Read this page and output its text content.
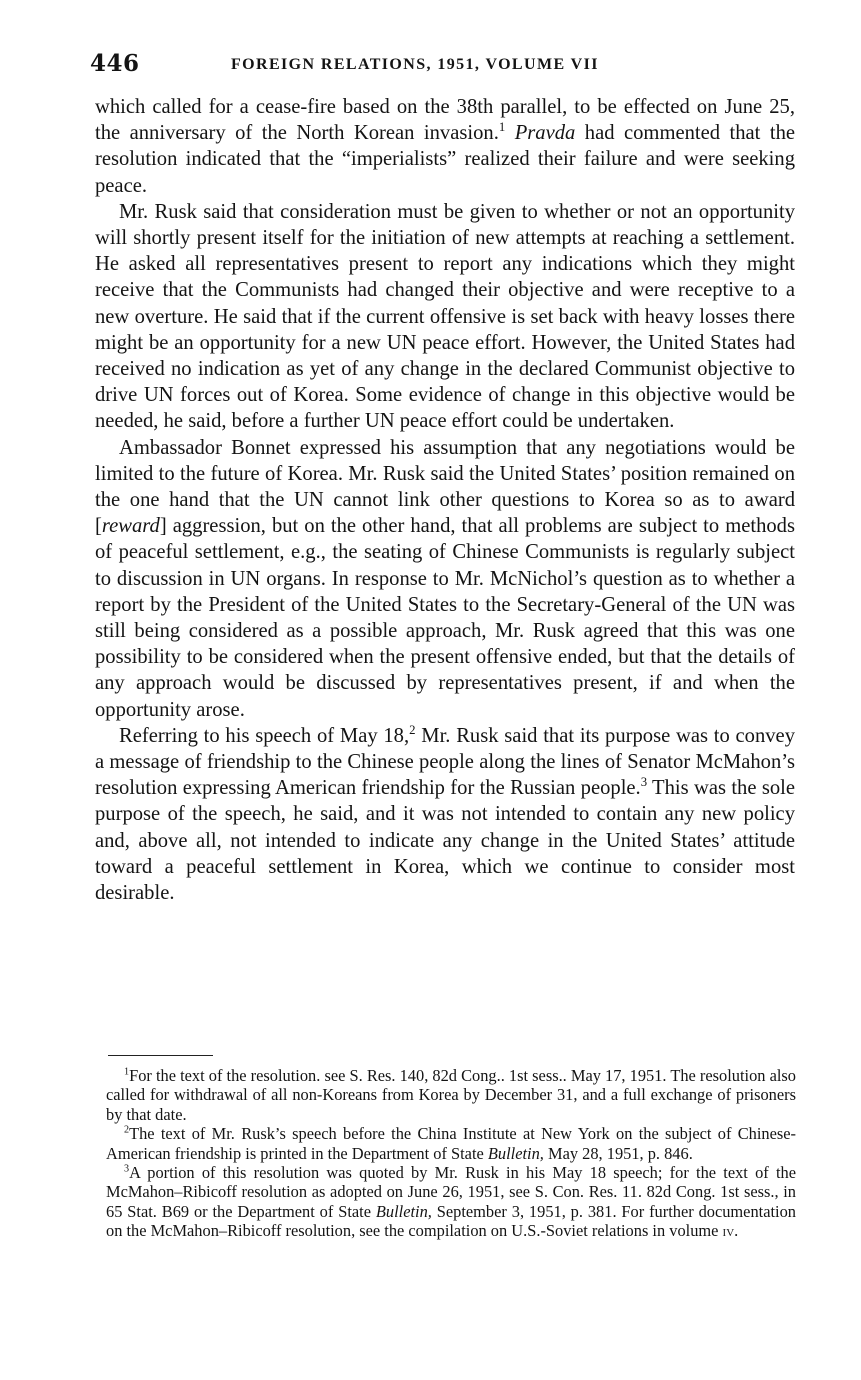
446	FOREIGN RELATIONS, 1951, VOLUME VII

which called for a cease-fire based on the 38th parallel, to be effected on June 25, the anniversary of the North Korean invasion.$^1$ Pravda had commented that the resolution indicated that the “imperialists” realized their failure and were seeking peace.

Mr. Rusk said that consideration must be given to whether or not an opportunity will shortly present itself for the initiation of new attempts at reaching a settlement. He asked all representatives present to report any indications which they might receive that the Communists had changed their objective and were receptive to a new overture. He said that if the current offensive is set back with heavy losses there might be an opportunity for a new UN peace effort. However, the United States had received no indication as yet of any change in the declared Communist objective to drive UN forces out of Korea. Some evidence of change in this objective would be needed, he said, before a further UN peace effort could be undertaken.

Ambassador Bonnet expressed his assumption that any negotiations would be limited to the future of Korea. Mr. Rusk said the United States’ position remained on the one hand that the UN cannot link other questions to Korea so as to award [reward] aggression, but on the other hand, that all problems are subject to methods of peaceful settlement, e.g., the seating of Chinese Communists is regularly subject to discussion in UN organs. In response to Mr. McNichol’s question as to whether a report by the President of the United States to the Secretary-General of the UN was still being considered as a possible approach, Mr. Rusk agreed that this was one possibility to be considered when the present offensive ended, but that the details of any approach would be discussed by representatives present, if and when the opportunity arose.

Referring to his speech of May 18,$^2$ Mr. Rusk said that its purpose was to convey a message of friendship to the Chinese people along the lines of Senator McMahon’s resolution expressing American friendship for the Russian people.$^3$ This was the sole purpose of the speech, he said, and it was not intended to contain any new policy and, above all, not intended to indicate any change in the United States’ attitude toward a peaceful settlement in Korea, which we continue to consider most desirable.

$^1$For the text of the resolution. see S. Res. 140, 82d Cong.. 1st sess.. May 17, 1951. The resolution also called for withdrawal of all non-Koreans from Korea by December 31, and a full exchange of prisoners by that date.

$^2$The text of Mr. Rusk’s speech before the China Institute at New York on the subject of Chinese-American friendship is printed in the Department of State Bulletin, May 28, 1951, p. 846.

$^3$A portion of this resolution was quoted by Mr. Rusk in his May 18 speech; for the text of the McMahon–Ribicoff resolution as adopted on June 26, 1951, see S. Con. Res. 11. 82d Cong. 1st sess., in 65 Stat. B69 or the Department of State Bulletin, September 3, 1951, p. 381. For further documentation on the McMahon–Ribicoff resolution, see the compilation on U.S.-Soviet relations in volume iv.
